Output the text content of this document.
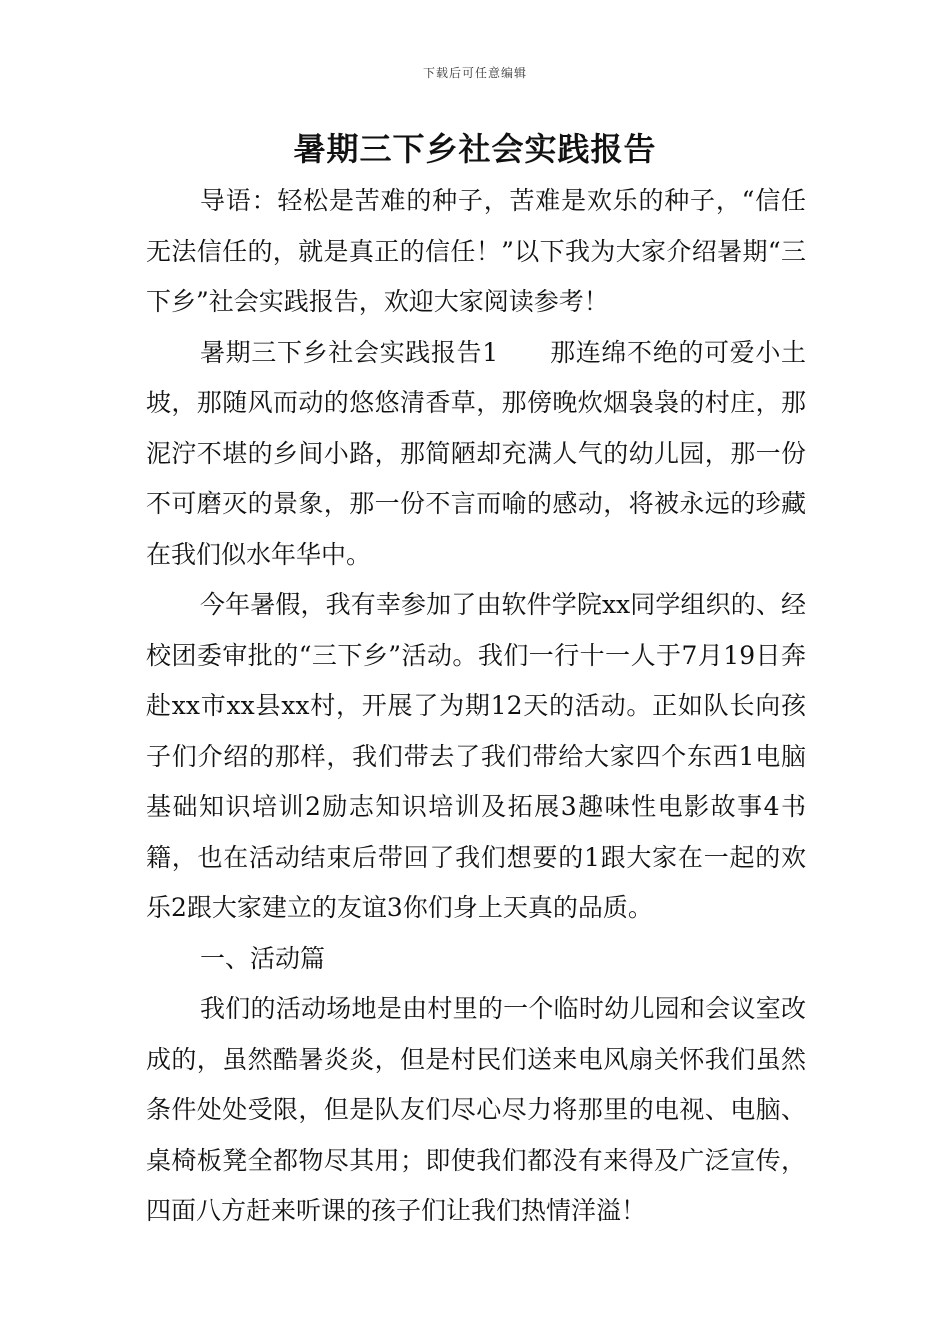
下载后可任意编辑
暑期三下乡社会实践报告

导语：轻松是苦难的种子，苦难是欢乐的种子，“信任无法信任的，就是真正的信任！”以下我为大家介绍暑期“三下乡”社会实践报告，欢迎大家阅读参考！

暑期三下乡社会实践报告1　　那连绵不绝的可爱小土坡，那随风而动的悠悠清香草，那傍晚炊烟袅袅的村庄，那泥泞不堪的乡间小路，那简陋却充满人气的幼儿园，那一份不可磨灭的景象，那一份不言而喻的感动，将被永远的珍藏在我们似水年华中。

今年暑假，我有幸参加了由软件学院xx同学组织的、经校团委审批的“三下乡”活动。我们一行十一人于7月19日奔赴xx市xx县xx村，开展了为期12天的活动。正如队长向孩子们介绍的那样，我们带去了我们带给大家四个东西1电脑基础知识培训2励志知识培训及拓展3趣味性电影故事4书籍，也在活动结束后带回了我们想要的1跟大家在一起的欢乐2跟大家建立的友谊3你们身上天真的品质。

一、活动篇

我们的活动场地是由村里的一个临时幼儿园和会议室改成的，虽然酷暑炎炎，但是村民们送来电风扇关怀我们虽然条件处处受限，但是队友们尽心尽力将那里的电视、电脑、桌椅板凳全都物尽其用；即使我们都没有来得及广泛宣传，四面八方赶来听课的孩子们让我们热情洋溢！
